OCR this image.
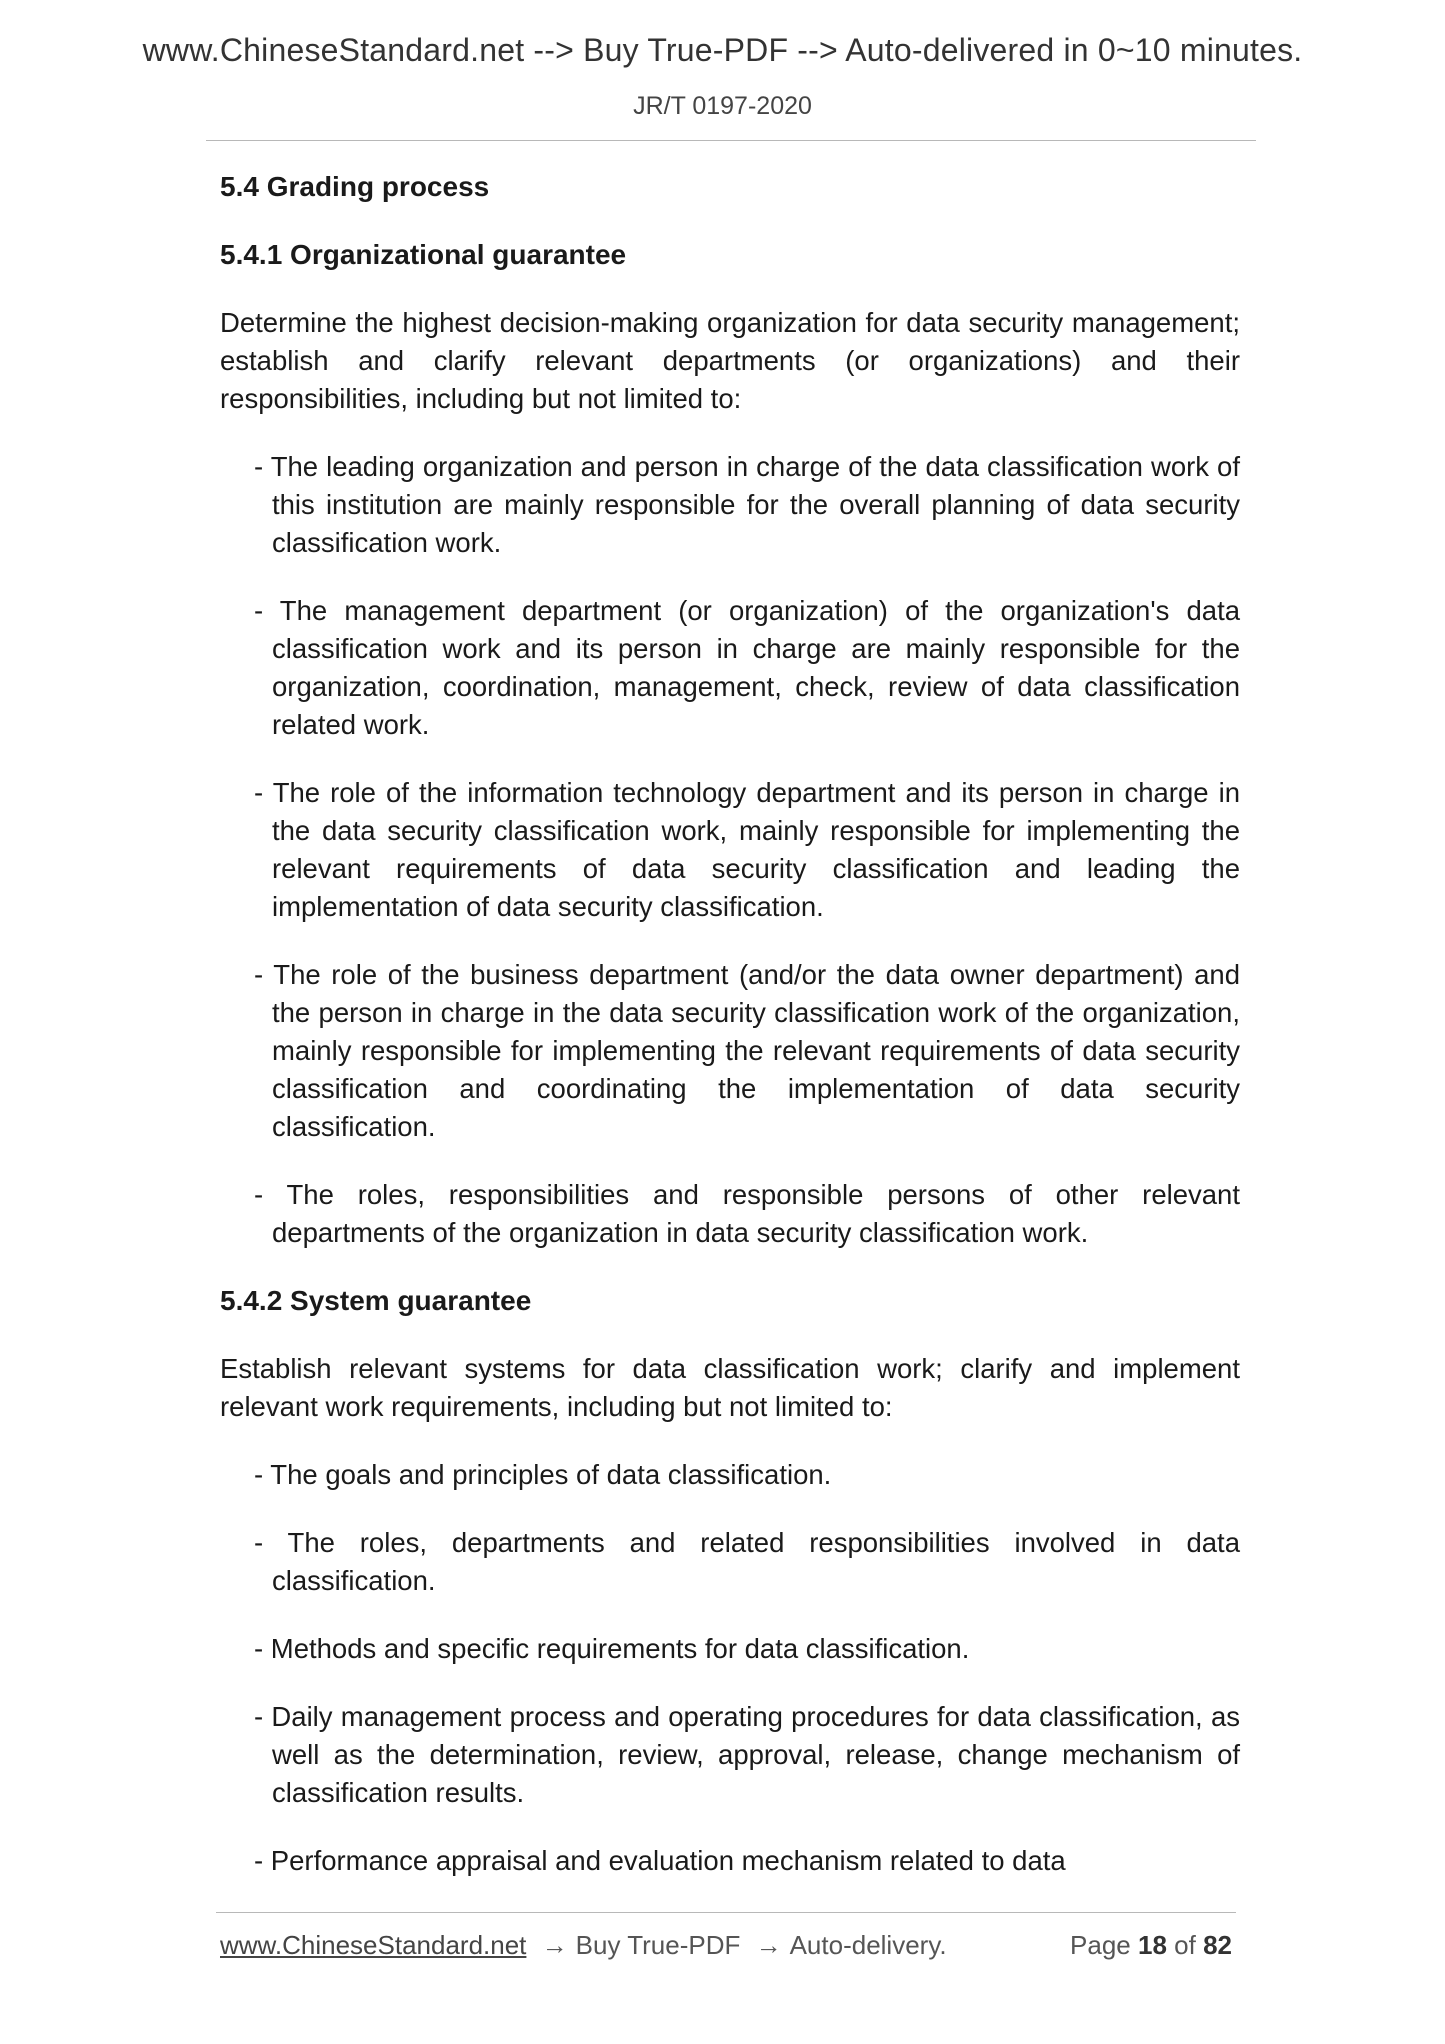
www.ChineseStandard.net --> Buy True-PDF --> Auto-delivered in 0~10 minutes.
JR/T 0197-2020
5.4 Grading process
5.4.1 Organizational guarantee
Determine the highest decision-making organization for data security management; establish and clarify relevant departments (or organizations) and their responsibilities, including but not limited to:
- The leading organization and person in charge of the data classification work of this institution are mainly responsible for the overall planning of data security classification work.
- The management department (or organization) of the organization's data classification work and its person in charge are mainly responsible for the organization, coordination, management, check, review of data classification related work.
- The role of the information technology department and its person in charge in the data security classification work, mainly responsible for implementing the relevant requirements of data security classification and leading the implementation of data security classification.
- The role of the business department (and/or the data owner department) and the person in charge in the data security classification work of the organization, mainly responsible for implementing the relevant requirements of data security classification and coordinating the implementation of data security classification.
- The roles, responsibilities and responsible persons of other relevant departments of the organization in data security classification work.
5.4.2 System guarantee
Establish relevant systems for data classification work; clarify and implement relevant work requirements, including but not limited to:
- The goals and principles of data classification.
- The roles, departments and related responsibilities involved in data classification.
- Methods and specific requirements for data classification.
- Daily management process and operating procedures for data classification, as well as the determination, review, approval, release, change mechanism of classification results.
- Performance appraisal and evaluation mechanism related to data
www.ChineseStandard.net → Buy True-PDF → Auto-delivery.	Page 18 of 82
